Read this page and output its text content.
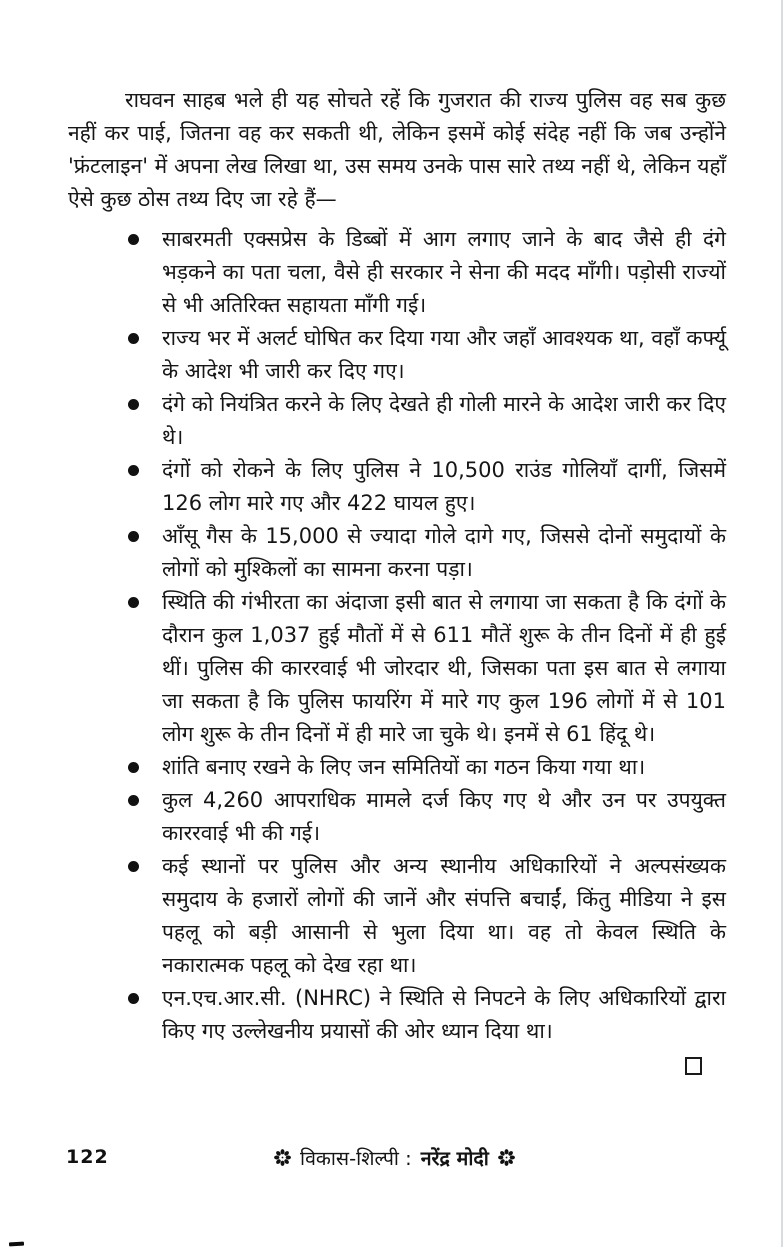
राघवन साहब भले ही यह सोचते रहें कि गुजरात की राज्य पुलिस वह सब कुछ नहीं कर पाई, जितना वह कर सकती थी, लेकिन इसमें कोई संदेह नहीं कि जब उन्होंने 'फ्रंटलाइन' में अपना लेख लिखा था, उस समय उनके पास सारे तथ्य नहीं थे, लेकिन यहाँ ऐसे कुछ ठोस तथ्य दिए जा रहे हैं—

साबरमती एक्सप्रेस के डिब्बों में आग लगाए जाने के बाद जैसे ही दंगे भड़कने का पता चला, वैसे ही सरकार ने सेना की मदद माँगी। पड़ोसी राज्यों से भी अतिरिक्त सहायता माँगी गई।
राज्य भर में अलर्ट घोषित कर दिया गया और जहाँ आवश्यक था, वहाँ कर्फ्यू के आदेश भी जारी कर दिए गए।
दंगे को नियंत्रित करने के लिए देखते ही गोली मारने के आदेश जारी कर दिए थे।
दंगों को रोकने के लिए पुलिस ने 10,500 राउंड गोलियाँ दागीं, जिसमें 126 लोग मारे गए और 422 घायल हुए।
आँसू गैस के 15,000 से ज्यादा गोले दागे गए, जिससे दोनों समुदायों के लोगों को मुश्किलों का सामना करना पड़ा।
स्थिति की गंभीरता का अंदाजा इसी बात से लगाया जा सकता है कि दंगों के दौरान कुल 1,037 हुई मौतों में से 611 मौतें शुरू के तीन दिनों में ही हुई थीं। पुलिस की काररवाई भी जोरदार थी, जिसका पता इस बात से लगाया जा सकता है कि पुलिस फायरिंग में मारे गए कुल 196 लोगों में से 101 लोग शुरू के तीन दिनों में ही मारे जा चुके थे। इनमें से 61 हिंदू थे।
शांति बनाए रखने के लिए जन समितियों का गठन किया गया था।
कुल 4,260 आपराधिक मामले दर्ज किए गए थे और उन पर उपयुक्त काररवाई भी की गई।
कई स्थानों पर पुलिस और अन्य स्थानीय अधिकारियों ने अल्पसंख्यक समुदाय के हजारों लोगों की जानें और संपत्ति बचाईं, किंतु मीडिया ने इस पहलू को बड़ी आसानी से भुला दिया था। वह तो केवल स्थिति के नकारात्मक पहलू को देख रहा था।
एन.एच.आर.सी. (NHRC) ने स्थिति से निपटने के लिए अधिकारियों द्वारा किए गए उल्लेखनीय प्रयासों की ओर ध्यान दिया था।
122	विकास-शिल्पी : नरेंद्र मोदी
